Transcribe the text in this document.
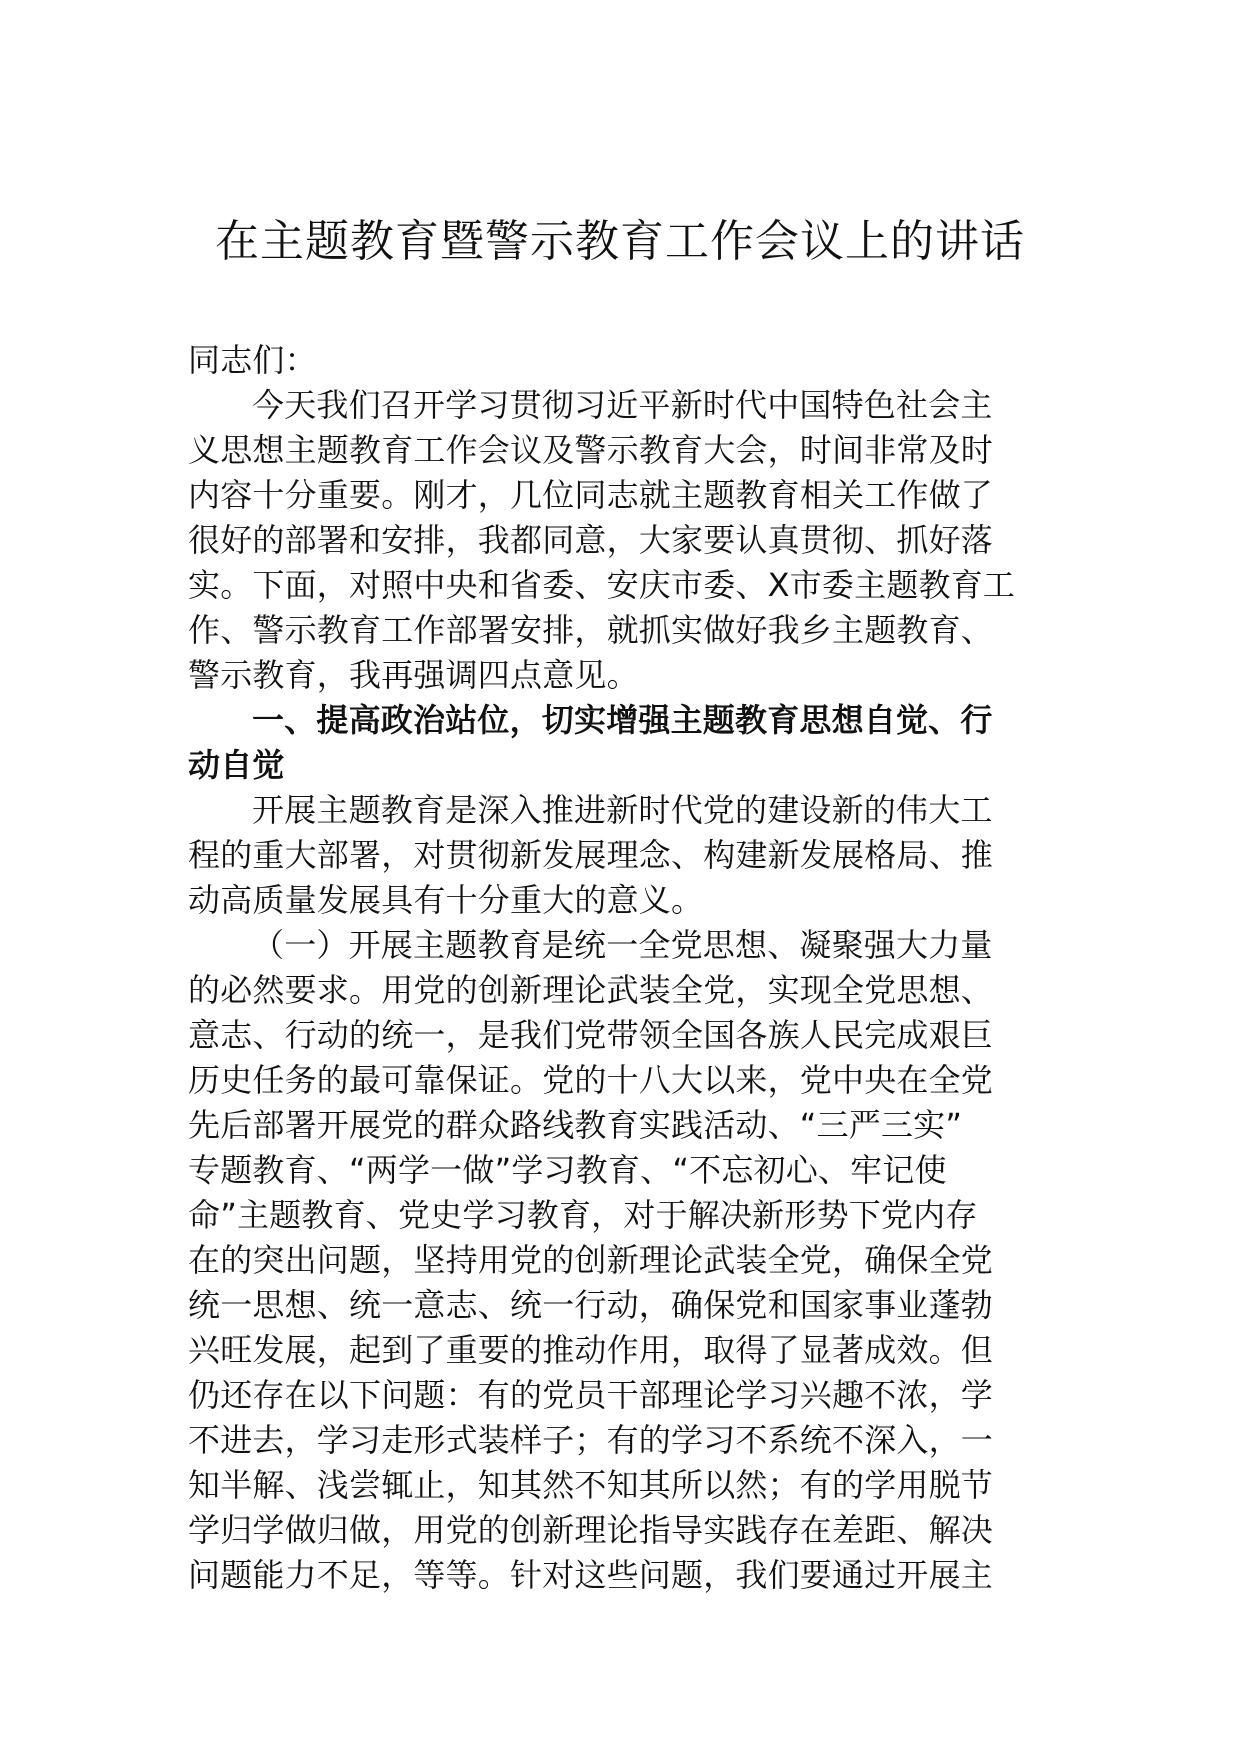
在主题教育暨警示教育工作会议上的讲话
同志们：
今天我们召开学习贯彻习近平新时代中国特色社会主
义思想主题教育工作会议及警示教育大会，时间非常及时
内容十分重要。刚才，几位同志就主题教育相关工作做了
很好的部署和安排，我都同意，大家要认真贯彻、抓好落
实。下面，对照中央和省委、安庆市委、X市委主题教育工
作、警示教育工作部署安排，就抓实做好我乡主题教育、
警示教育，我再强调四点意见。
一、提高政治站位，切实增强主题教育思想自觉、行
动自觉
开展主题教育是深入推进新时代党的建设新的伟大工
程的重大部署，对贯彻新发展理念、构建新发展格局、推
动高质量发展具有十分重大的意义。
（一）开展主题教育是统一全党思想、凝聚强大力量
的必然要求。用党的创新理论武装全党，实现全党思想、
意志、行动的统一，是我们党带领全国各族人民完成艰巨
历史任务的最可靠保证。党的十八大以来，党中央在全党
先后部署开展党的群众路线教育实践活动、“三严三实”
专题教育、“两学一做”学习教育、“不忘初心、牢记使
命”主题教育、党史学习教育，对于解决新形势下党内存
在的突出问题，坚持用党的创新理论武装全党，确保全党
统一思想、统一意志、统一行动，确保党和国家事业蓬勃
兴旺发展，起到了重要的推动作用，取得了显著成效。但
仍还存在以下问题：有的党员干部理论学习兴趣不浓，学
不进去，学习走形式装样子；有的学习不系统不深入，一
知半解、浅尝辄止，知其然不知其所以然；有的学用脱节
学归学做归做，用党的创新理论指导实践存在差距、解决
问题能力不足，等等。针对这些问题，我们要通过开展主
